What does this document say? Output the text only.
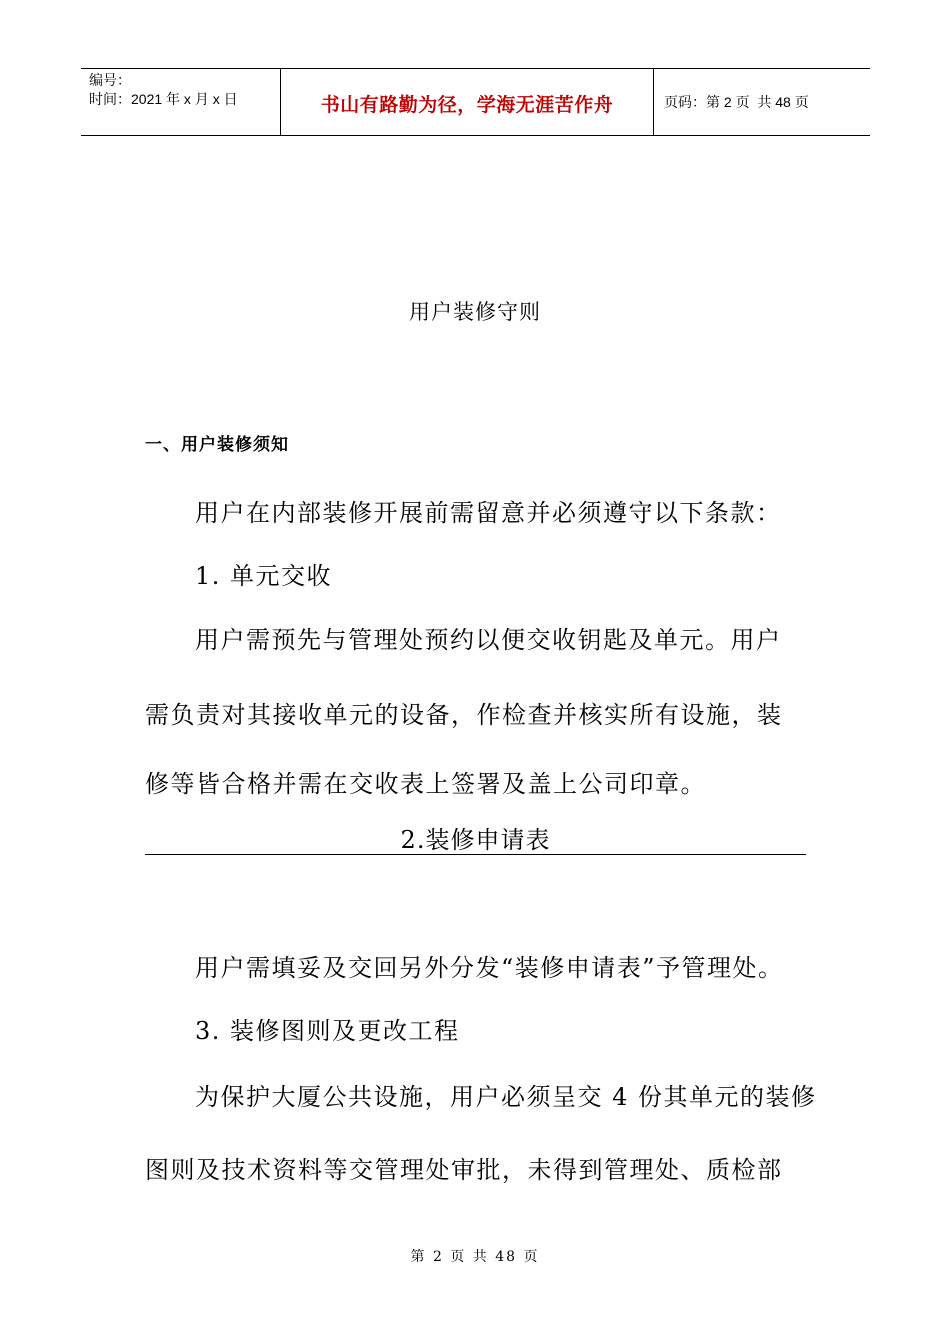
编号：
时间：2021 年 x 月 x 日	书山有路勤为径，学海无涯苦作舟	页码：第 2 页  共 48 页
用户装修守则
一、用户装修须知
用户在内部装修开展前需留意并必须遵守以下条款：
1. 单元交收
用户需预先与管理处预约以便交收钥匙及单元。用户
需负责对其接收单元的设备，作检查并核实所有设施，装
修等皆合格并需在交收表上签署及盖上公司印章。
2.装修申请表
用户需填妥及交回另外分发“装修申请表”予管理处。
3. 装修图则及更改工程
为保护大厦公共设施，用户必须呈交 4 份其单元的装修
图则及技术资料等交管理处审批，未得到管理处、质检部
第 2 页 共 48 页
